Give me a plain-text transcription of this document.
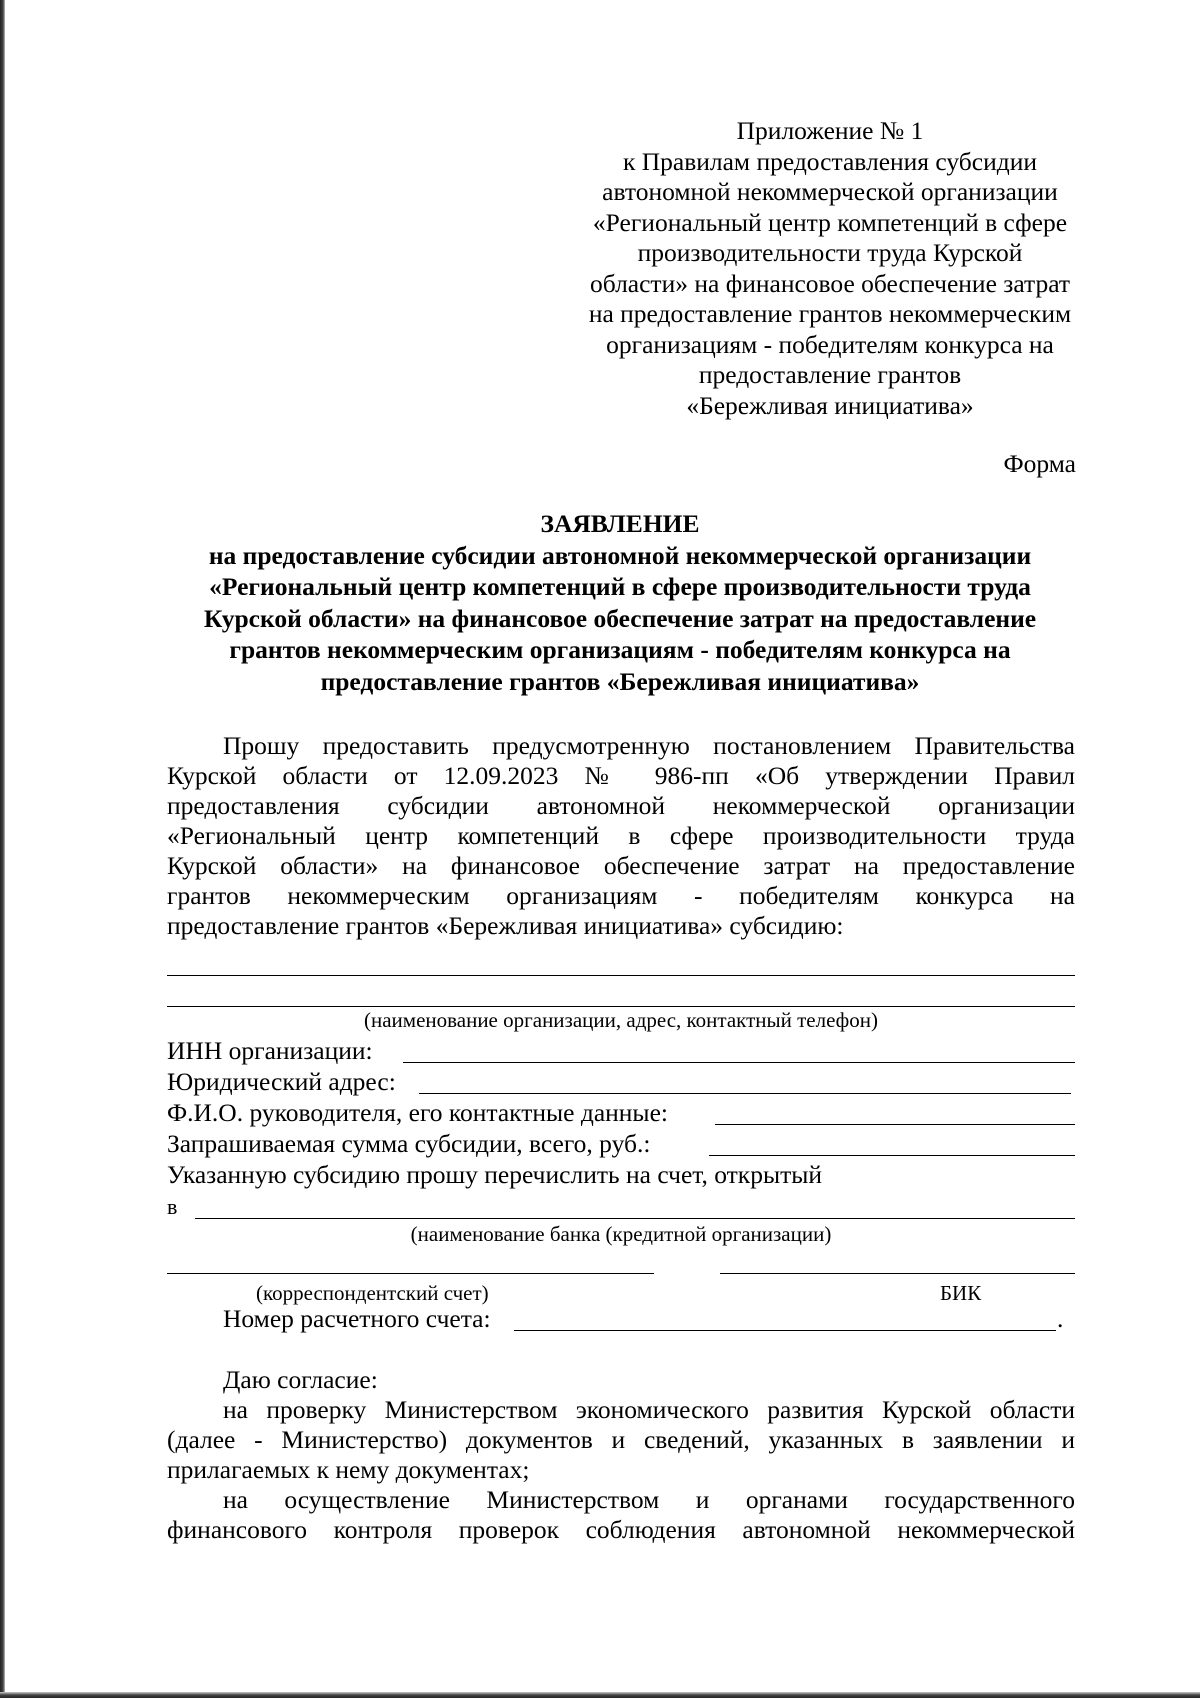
Приложение № 1
к Правилам предоставления субсидии
автономной некоммерческой организации
«Региональный центр компетенций в сфере
производительности труда Курской
области» на финансовое обеспечение затрат
на предоставление грантов некоммерческим
организациям - победителям конкурса на
предоставление грантов
«Бережливая инициатива»
Форма
ЗАЯВЛЕНИЕ
на предоставление субсидии автономной некоммерческой организации
«Региональный центр компетенций в сфере производительности труда
Курской области» на финансовое обеспечение затрат на предоставление
грантов некоммерческим организациям - победителям конкурса на
предоставление грантов «Бережливая инициатива»
Прошу предоставить предусмотренную постановлением Правительства
Курской области от 12.09.2023 № 986-пп «Об утверждении Правил
предоставления субсидии автономной некоммерческой организации
«Региональный центр компетенций в сфере производительности труда
Курской области» на финансовое обеспечение затрат на предоставление
грантов некоммерческим организациям - победителям конкурса на
предоставление грантов «Бережливая инициатива» субсидию:
(наименование организации, адрес, контактный телефон)
ИНН организации:
Юридический адрес:
Ф.И.О. руководителя, его контактные данные:
Запрашиваемая сумма субсидии, всего, руб.:
Указанную субсидию прошу перечислить на счет, открытый
в
(наименование банка (кредитной организации)
(корреспондентский счет)	БИК
Номер расчетного счета:	.
Даю согласие:
на проверку Министерством экономического развития Курской области
(далее - Министерство) документов и сведений, указанных в заявлении и
прилагаемых к нему документах;
на осуществление Министерством и органами государственного
финансового контроля проверок соблюдения автономной некоммерческой
